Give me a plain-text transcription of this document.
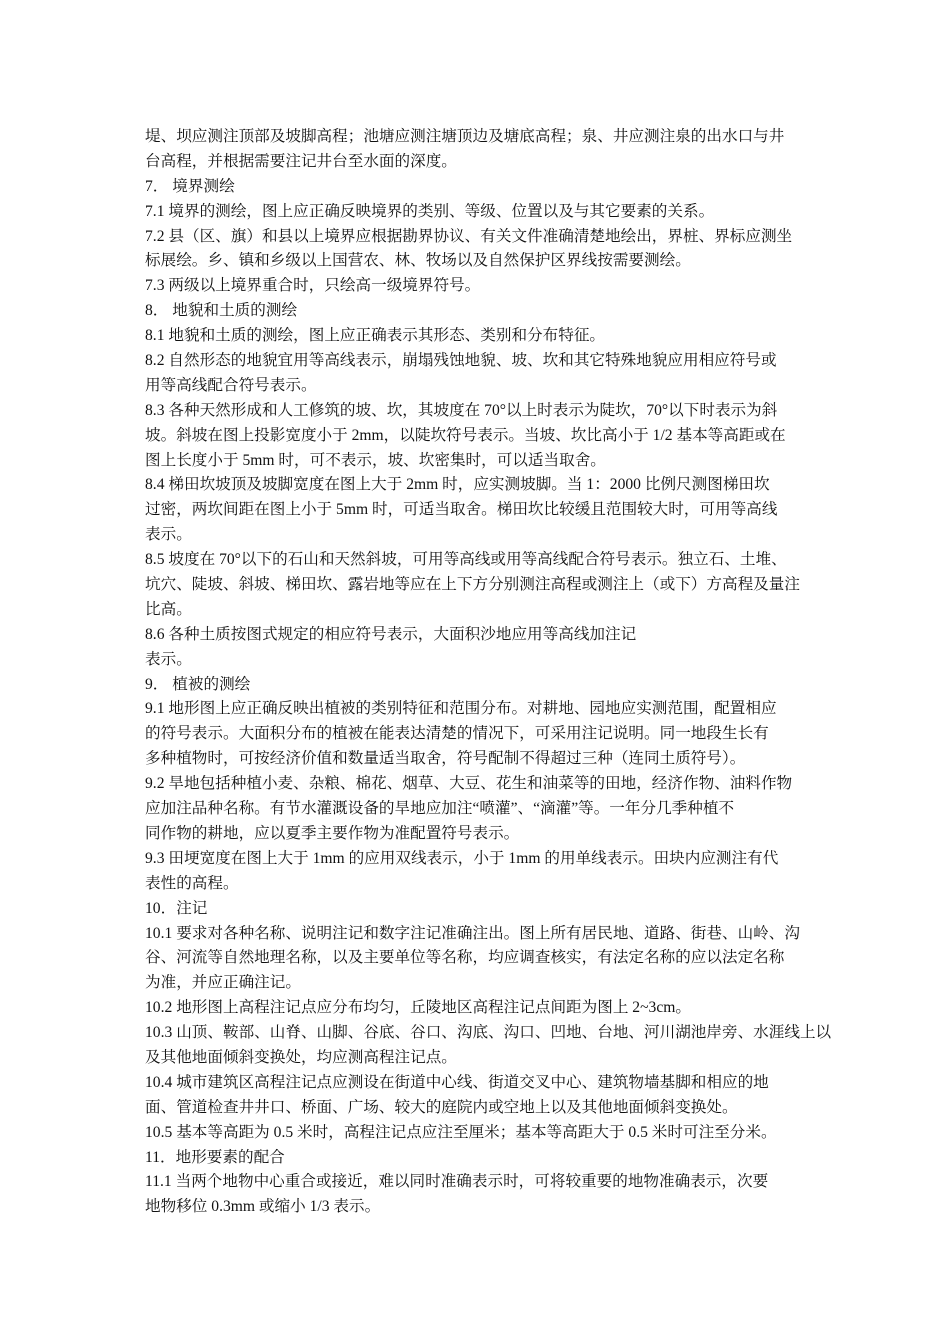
堤、坝应测注顶部及坡脚高程；池塘应测注塘顶边及塘底高程；泉、井应测注泉的出水口与井
台高程，并根据需要注记井台至水面的深度。
7． 境界测绘
7.1 境界的测绘，图上应正确反映境界的类别、等级、位置以及与其它要素的关系。
7.2 县（区、旗）和县以上境界应根据勘界协议、有关文件准确清楚地绘出，界桩、界标应测坐
标展绘。乡、镇和乡级以上国营农、林、牧场以及自然保护区界线按需要测绘。
7.3 两级以上境界重合时，只绘高一级境界符号。
8． 地貌和土质的测绘
8.1 地貌和土质的测绘，图上应正确表示其形态、类别和分布特征。
8.2 自然形态的地貌宜用等高线表示，崩塌残蚀地貌、坡、坎和其它特殊地貌应用相应符号或
用等高线配合符号表示。
8.3 各种天然形成和人工修筑的坡、坎，其坡度在 70°以上时表示为陡坎，70°以下时表示为斜
坡。斜坡在图上投影宽度小于 2mm，以陡坎符号表示。当坡、坎比高小于 1/2 基本等高距或在
图上长度小于 5mm 时，可不表示，坡、坎密集时，可以适当取舍。
8.4 梯田坎坡顶及坡脚宽度在图上大于 2mm 时，应实测坡脚。当 1：2000 比例尺测图梯田坎
过密，两坎间距在图上小于 5mm 时，可适当取舍。梯田坎比较缓且范围较大时，可用等高线
表示。
8.5 坡度在 70°以下的石山和天然斜坡，可用等高线或用等高线配合符号表示。独立石、土堆、
坑穴、陡坡、斜坡、梯田坎、露岩地等应在上下方分别测注高程或测注上（或下）方高程及量注
比高。
8.6 各种土质按图式规定的相应符号表示，大面积沙地应用等高线加注记
表示。
9． 植被的测绘
9.1 地形图上应正确反映出植被的类别特征和范围分布。对耕地、园地应实测范围，配置相应
的符号表示。大面积分布的植被在能表达清楚的情况下，可采用注记说明。同一地段生长有
多种植物时，可按经济价值和数量适当取舍，符号配制不得超过三种（连同土质符号）。
9.2 旱地包括种植小麦、杂粮、棉花、烟草、大豆、花生和油菜等的田地，经济作物、油料作物
应加注品种名称。有节水灌溉设备的旱地应加注“喷灌”、“滴灌”等。一年分几季种植不
同作物的耕地，应以夏季主要作物为准配置符号表示。
9.3 田埂宽度在图上大于 1mm 的应用双线表示，小于 1mm 的用单线表示。田块内应测注有代
表性的高程。
10．注记
10.1 要求对各种名称、说明注记和数字注记准确注出。图上所有居民地、道路、街巷、山岭、沟
谷、河流等自然地理名称，以及主要单位等名称，均应调查核实，有法定名称的应以法定名称
为准，并应正确注记。
10.2 地形图上高程注记点应分布均匀，丘陵地区高程注记点间距为图上 2~3cm。
10.3 山顶、鞍部、山脊、山脚、谷底、谷口、沟底、沟口、凹地、台地、河川湖池岸旁、水涯线上以
及其他地面倾斜变换处，均应测高程注记点。
10.4 城市建筑区高程注记点应测设在街道中心线、街道交叉中心、建筑物墙基脚和相应的地
面、管道检查井井口、桥面、广场、较大的庭院内或空地上以及其他地面倾斜变换处。
10.5 基本等高距为 0.5 米时，高程注记点应注至厘米；基本等高距大于 0.5 米时可注至分米。
11．地形要素的配合
11.1 当两个地物中心重合或接近，难以同时准确表示时，可将较重要的地物准确表示，次要
地物移位 0.3mm 或缩小 1/3 表示。
